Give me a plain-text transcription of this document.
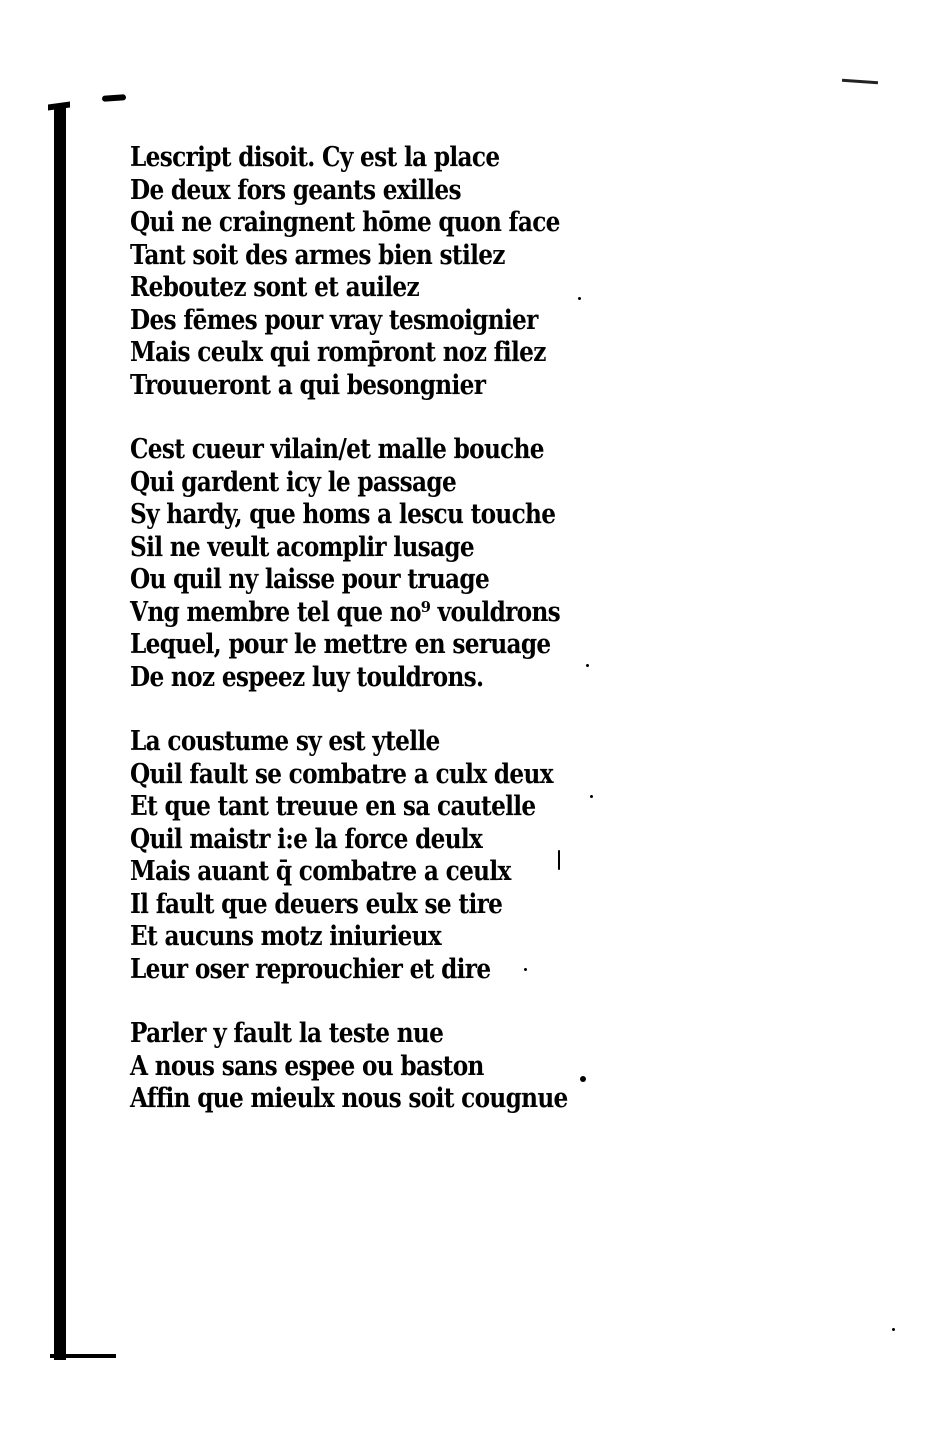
Lescript disoit. Cy est la place
De deux fors geants exilles
Qui ne craingnent hōme quon face
Tant soit des armes bien stilez
Reboutez sont et auilez
Des fēmes pour vray tesmoignier
Mais ceulx qui romp̄ront noz filez
Trouueront a qui besongnier
Cest cueur vilain/et malle bouche
Qui gardent icy le passage
Sy hardy, que homs a lescu touche
Sil ne veult acomplir lusage
Ou quil ny laisse pour truage
Vng membre tel que no⁹ vouldrons
Lequel, pour le mettre en seruage
De noz espeez luy touldrons.
La coustume sy est ytelle
Quil fault se combatre a culx deux
Et que tant treuue en sa cautelle
Quil maistr i:e la force deulx
Mais auant q̄ combatre a ceulx
Il fault que deuers eulx se tire
Et aucuns motz iniurieux
Leur oser reprouchier et dire
Parler y fault la teste nue
A nous sans espee ou baston
Affin que mieulx nous soit cougnue
